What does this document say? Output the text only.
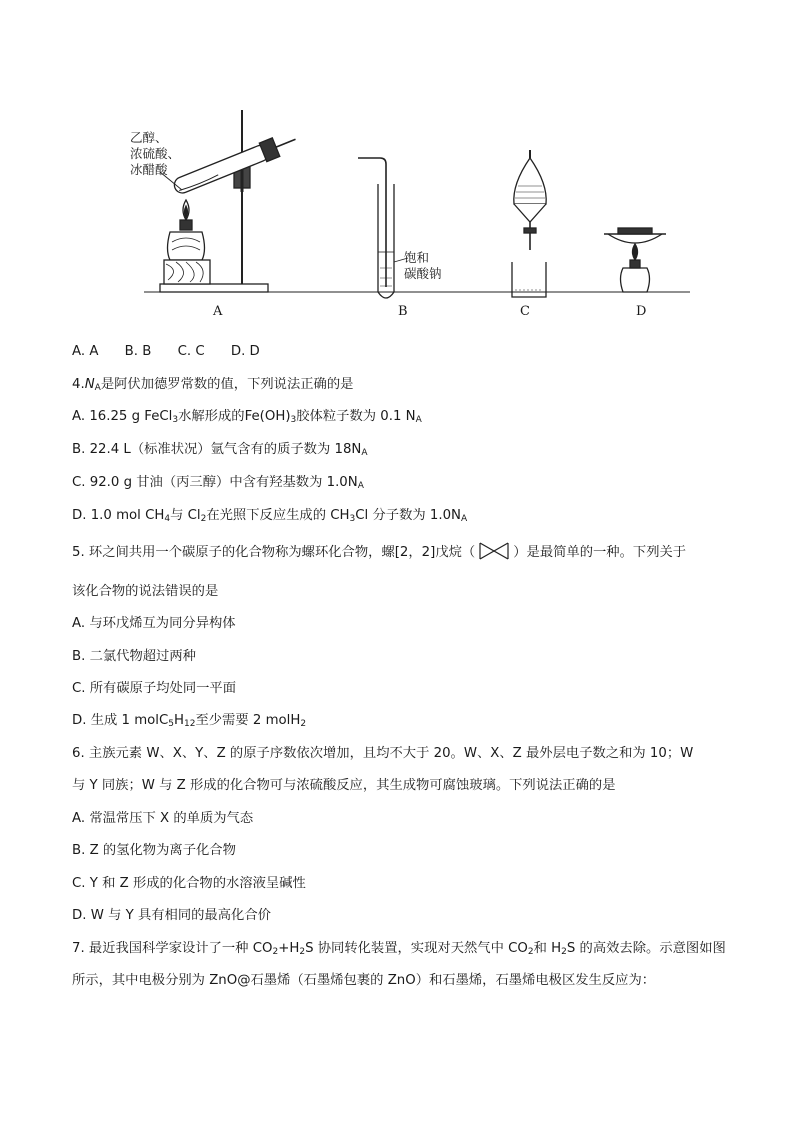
乙醇、
浓硫酸、
冰醋酸
饱和
碳酸钠
A	B	C	D
A. A B. B C. C D. D
$4.N_A$是阿伏加德罗常数的值，下列说法正确的是
A. 16.25 g FeCl$_3$水解形成的$Fe(OH)_3$胶体粒子数为 0.1 $N_A$
B. 22.4 L（标准状况）氩气含有的质子数为 $18N_A$
C. 92.0 g 甘油（丙三醇）中含有羟基数为 $1.0N_A$
D. 1.0 mol $CH_4$与 $Cl_2$在光照下反应生成的 $CH_3Cl$ 分子数为 $1.0N_A$
5. 环之间共用一个碳原子的化合物称为螺环化合物，螺[2，2]戊烷（	）是最简单的一种。下列关于
该化合物的说法错误的是
A. 与环戊烯互为同分异构体
B. 二氯代物超过两种
C. 所有碳原子均处同一平面
D. 生成 1 $molC_5H_{12}$至少需要 2 molH$_2$
6. 主族元素 W、X、Y、Z 的原子序数依次增加，且均不大于 20。W、X、Z 最外层电子数之和为 10；W
与 Y 同族；W 与 Z 形成的化合物可与浓硫酸反应，其生成物可腐蚀玻璃。下列说法正确的是
A. 常温常压下 X 的单质为气态
B. Z 的氢化物为离子化合物
C. Y 和 Z 形成的化合物的水溶液呈碱性
D. W 与 Y 具有相同的最高化合价
7. 最近我国科学家设计了一种 $CO_2+H_2S$ 协同转化装置，实现对天然气中 $CO_2$和 $H_2S$ 的高效去除。示意图如图
所示，其中电极分别为 ZnO@石墨烯（石墨烯包裹的 ZnO）和石墨烯，石墨烯电极区发生反应为：
